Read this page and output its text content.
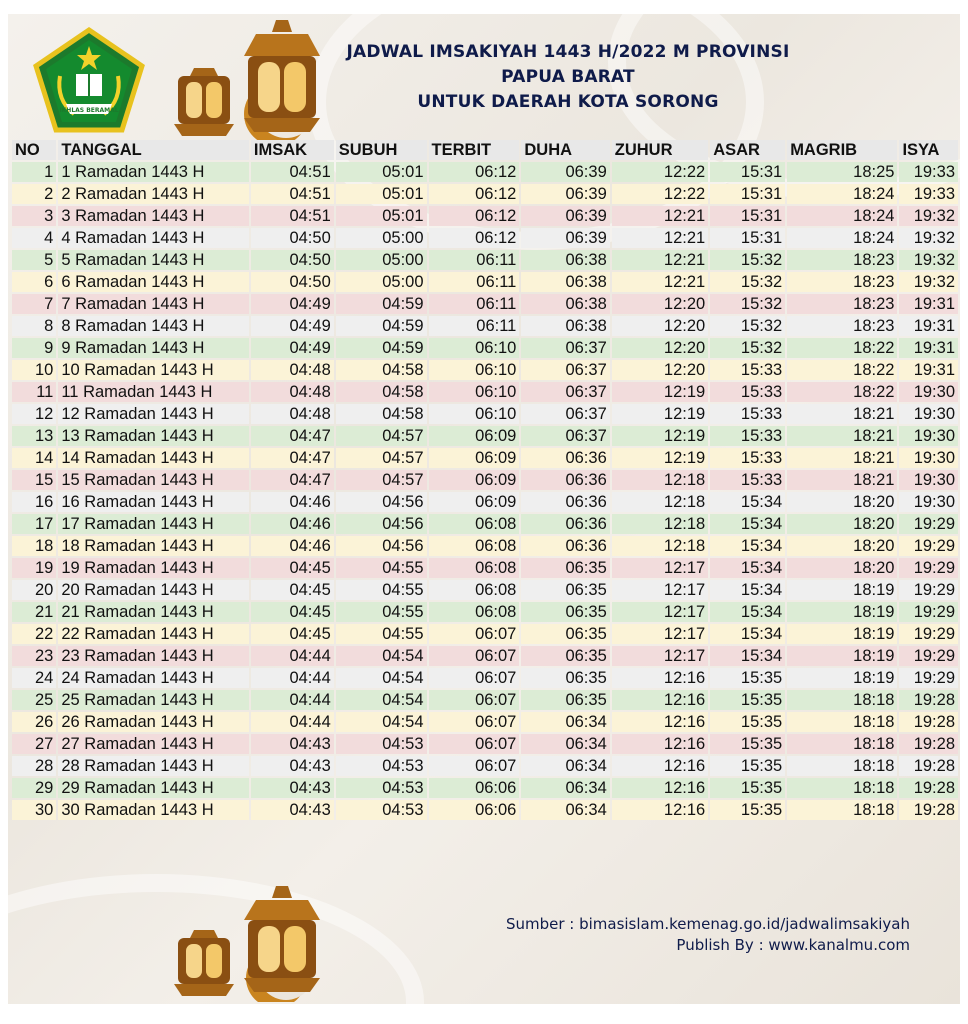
IKHLAS BERAMAL
JADWAL IMSAKIYAH 1443 H/2022 M PROVINSI
PAPUA BARAT
UNTUK DAERAH KOTA SORONG
NO	TANGGAL	IMSAK	SUBUH	TERBIT	DUHA	ZUHUR	ASAR	MAGRIB	ISYA
1	1 Ramadan 1443 H	04:51	05:01	06:12	06:39	12:22	15:31	18:25	19:33
2	2 Ramadan 1443 H	04:51	05:01	06:12	06:39	12:22	15:31	18:24	19:33
3	3 Ramadan 1443 H	04:51	05:01	06:12	06:39	12:21	15:31	18:24	19:32
4	4 Ramadan 1443 H	04:50	05:00	06:12	06:39	12:21	15:31	18:24	19:32
5	5 Ramadan 1443 H	04:50	05:00	06:11	06:38	12:21	15:32	18:23	19:32
6	6 Ramadan 1443 H	04:50	05:00	06:11	06:38	12:21	15:32	18:23	19:32
7	7 Ramadan 1443 H	04:49	04:59	06:11	06:38	12:20	15:32	18:23	19:31
8	8 Ramadan 1443 H	04:49	04:59	06:11	06:38	12:20	15:32	18:23	19:31
9	9 Ramadan 1443 H	04:49	04:59	06:10	06:37	12:20	15:32	18:22	19:31
10	10 Ramadan 1443 H	04:48	04:58	06:10	06:37	12:20	15:33	18:22	19:31
11	11 Ramadan 1443 H	04:48	04:58	06:10	06:37	12:19	15:33	18:22	19:30
12	12 Ramadan 1443 H	04:48	04:58	06:10	06:37	12:19	15:33	18:21	19:30
13	13 Ramadan 1443 H	04:47	04:57	06:09	06:37	12:19	15:33	18:21	19:30
14	14 Ramadan 1443 H	04:47	04:57	06:09	06:36	12:19	15:33	18:21	19:30
15	15 Ramadan 1443 H	04:47	04:57	06:09	06:36	12:18	15:33	18:21	19:30
16	16 Ramadan 1443 H	04:46	04:56	06:09	06:36	12:18	15:34	18:20	19:30
17	17 Ramadan 1443 H	04:46	04:56	06:08	06:36	12:18	15:34	18:20	19:29
18	18 Ramadan 1443 H	04:46	04:56	06:08	06:36	12:18	15:34	18:20	19:29
19	19 Ramadan 1443 H	04:45	04:55	06:08	06:35	12:17	15:34	18:20	19:29
20	20 Ramadan 1443 H	04:45	04:55	06:08	06:35	12:17	15:34	18:19	19:29
21	21 Ramadan 1443 H	04:45	04:55	06:08	06:35	12:17	15:34	18:19	19:29
22	22 Ramadan 1443 H	04:45	04:55	06:07	06:35	12:17	15:34	18:19	19:29
23	23 Ramadan 1443 H	04:44	04:54	06:07	06:35	12:17	15:34	18:19	19:29
24	24 Ramadan 1443 H	04:44	04:54	06:07	06:35	12:16	15:35	18:19	19:29
25	25 Ramadan 1443 H	04:44	04:54	06:07	06:35	12:16	15:35	18:18	19:28
26	26 Ramadan 1443 H	04:44	04:54	06:07	06:34	12:16	15:35	18:18	19:28
27	27 Ramadan 1443 H	04:43	04:53	06:07	06:34	12:16	15:35	18:18	19:28
28	28 Ramadan 1443 H	04:43	04:53	06:07	06:34	12:16	15:35	18:18	19:28
29	29 Ramadan 1443 H	04:43	04:53	06:06	06:34	12:16	15:35	18:18	19:28
30	30 Ramadan 1443 H	04:43	04:53	06:06	06:34	12:16	15:35	18:18	19:28
Sumber : bimasislam.kemenag.go.id/jadwalimsakiyah
Publish By : www.kanalmu.com
